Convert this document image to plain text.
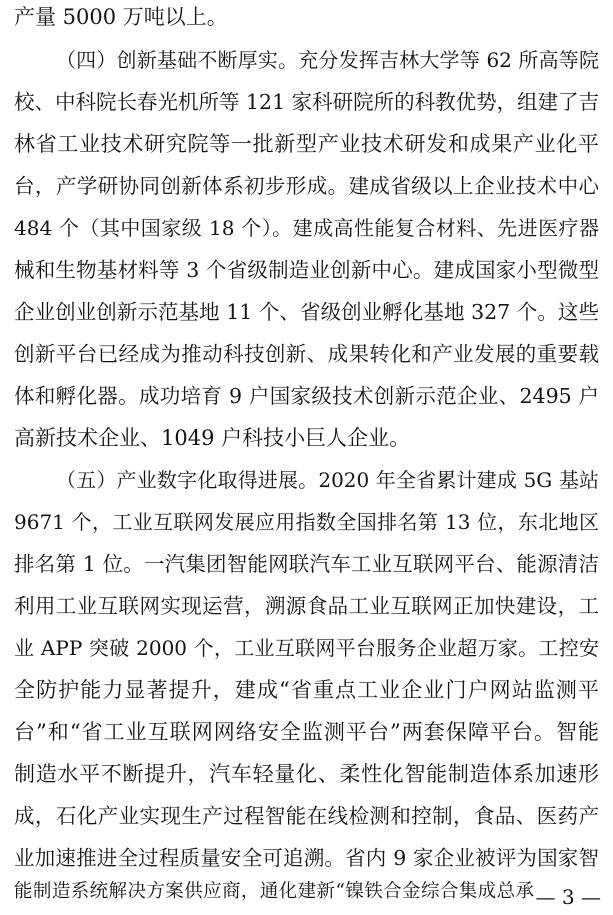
产量 5000 万吨以上。
（四）创新基础不断厚实。充分发挥吉林大学等 62 所高等院
校、中科院长春光机所等 121 家科研院所的科教优势，组建了吉
林省工业技术研究院等一批新型产业技术研发和成果产业化平
台，产学研协同创新体系初步形成。建成省级以上企业技术中心
484 个（其中国家级 18 个）。建成高性能复合材料、先进医疗器
械和生物基材料等 3 个省级制造业创新中心。建成国家小型微型
企业创业创新示范基地 11 个、省级创业孵化基地 327 个。这些
创新平台已经成为推动科技创新、成果转化和产业发展的重要载
体和孵化器。成功培育 9 户国家级技术创新示范企业、2495 户
高新技术企业、1049 户科技小巨人企业。
（五）产业数字化取得进展。2020 年全省累计建成 5G 基站
9671 个，工业互联网发展应用指数全国排名第 13 位，东北地区
排名第 1 位。一汽集团智能网联汽车工业互联网平台、能源清洁
利用工业互联网实现运营，溯源食品工业互联网正加快建设，工
业 APP 突破 2000 个，工业互联网平台服务企业超万家。工控安
全防护能力显著提升，建成“省重点工业企业门户网站监测平
台”和“省工业互联网网络安全监测平台”两套保障平台。智能
制造水平不断提升，汽车轻量化、柔性化智能制造体系加速形
成，石化产业实现生产过程智能在线检测和控制，食品、医药产
业加速推进全过程质量安全可追溯。省内 9 家企业被评为国家智
能制造系统解决方案供应商，通化建新“镍铁合金综合集成总承 — 3 —
